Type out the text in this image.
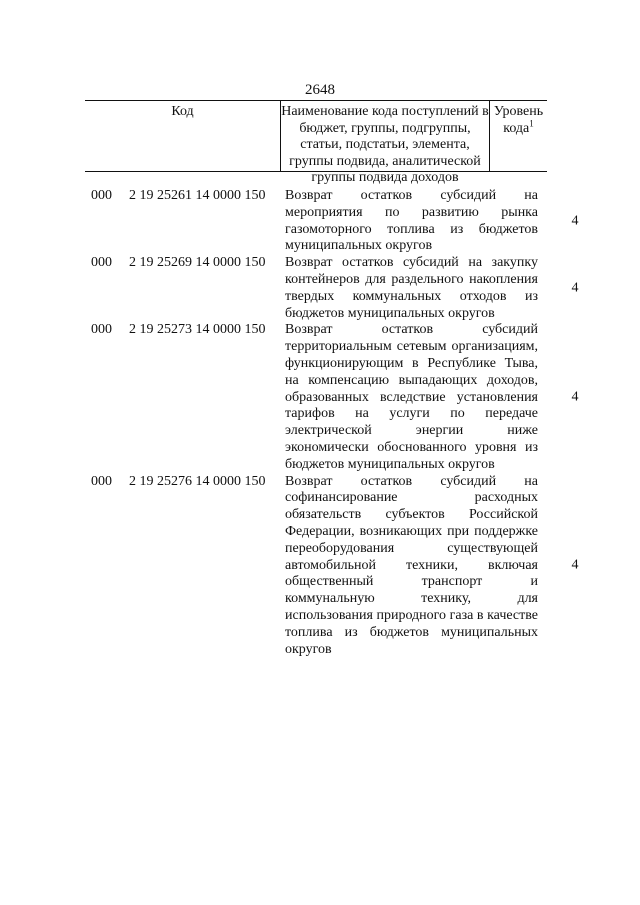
2648
Код	Наименование кода поступлений в бюджет, группы, подгруппы, статьи, подстатьи, элемента, группы подвида, аналитической группы подвида доходов
Уровень кода$^1$
000 2 19 25261 14 0000 150 Возврат остатков субсидий на мероприятия по развитию рынка газомоторного топлива из бюджетов муниципальных округов
4
000 2 19 25269 14 0000 150 Возврат остатков субсидий на закупку контейнеров для раздельного накопления твердых коммунальных отходов из бюджетов муниципальных округов
4
000 2 19 25273 14 0000 150 Возврат остатков субсидий территориальным сетевым организациям, функционирующим в Республике Тыва, на компенсацию выпадающих доходов, образованных вследствие установления тарифов на услуги по передаче электрической энергии ниже экономически обоснованного уровня из бюджетов муниципальных округов
4
000 2 19 25276 14 0000 150 Возврат остатков субсидий на софинансирование расходных обязательств субъектов Российской Федерации, возникающих при поддержке переоборудования существующей автомобильной техники, включая общественный транспорт и коммунальную технику, для использования природного газа в качестве топлива из бюджетов муниципальных округов
4
